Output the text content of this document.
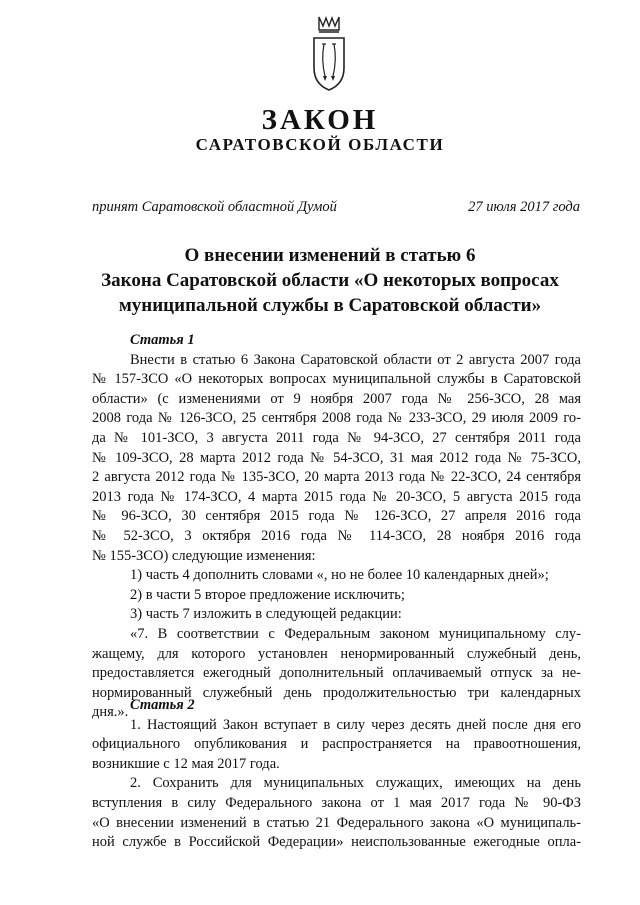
ЗАКОН
САРАТОВСКОЙ ОБЛАСТИ
принят Саратовской областной Думой	27 июля 2017 года
О внесении изменений в статью 6
Закона Саратовской области «О некоторых вопросах
муниципальной службы в Саратовской области»
Статья 1
Внести в статью 6 Закона Саратовской области от 2 августа 2007 года
№ 157-ЗСО «О некоторых вопросах муниципальной службы в Саратовской
области» (с изменениями от 9 ноября 2007 года № 256-ЗСО, 28 мая
2008 года № 126-ЗСО, 25 сентября 2008 года № 233-ЗСО, 29 июля 2009 го-
да № 101-ЗСО, 3 августа 2011 года № 94-ЗСО, 27 сентября 2011 года
№ 109-ЗСО, 28 марта 2012 года № 54-ЗСО, 31 мая 2012 года № 75-ЗСО,
2 августа 2012 года № 135-ЗСО, 20 марта 2013 года № 22-ЗСО, 24 сентября
2013 года № 174-ЗСО, 4 марта 2015 года № 20-ЗСО, 5 августа 2015 года
№ 96-ЗСО, 30 сентября 2015 года № 126-ЗСО, 27 апреля 2016 года
№ 52-ЗСО, 3 октября 2016 года № 114-ЗСО, 28 ноября 2016 года
№ 155-ЗСО) следующие изменения:
1) часть 4 дополнить словами «, но не более 10 календарных дней»;
2) в части 5 второе предложение исключить;
3) часть 7 изложить в следующей редакции:
«7. В соответствии с Федеральным законом муниципальному слу-
жащему, для которого установлен ненормированный служебный день,
предоставляется ежегодный дополнительный оплачиваемый отпуск за не-
нормированный служебный день продолжительностью три календарных
дня.». Статья 2
1. Настоящий Закон вступает в силу через десять дней после дня его
официального опубликования и распространяется на правоотношения,
возникшие с 12 мая 2017 года.
2. Сохранить для муниципальных служащих, имеющих на день
вступления в силу Федерального закона от 1 мая 2017 года № 90-ФЗ
«О внесении изменений в статью 21 Федерального закона «О муниципаль-
ной службе в Российской Федерации» неиспользованные ежегодные опла-
